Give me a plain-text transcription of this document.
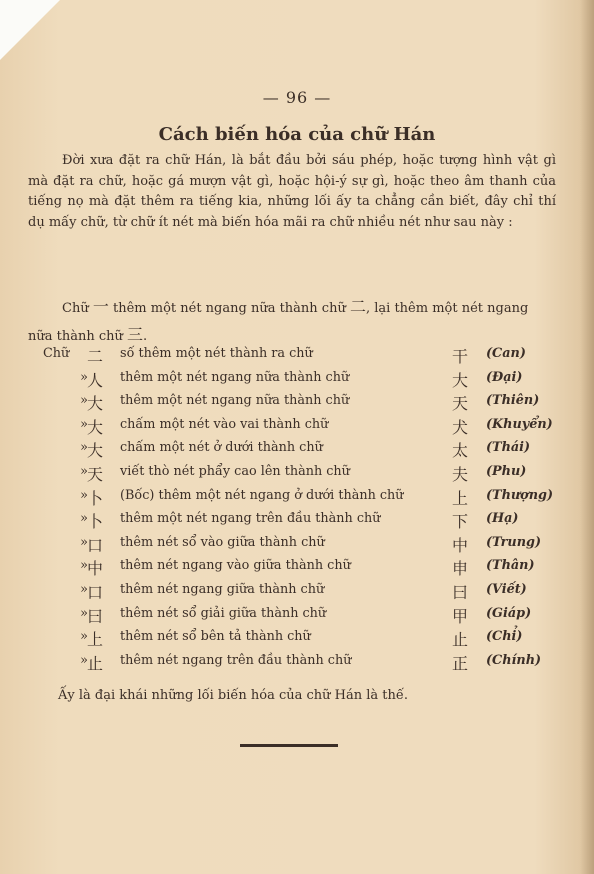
— 96 —
Cách biến hóa của chữ Hán
Đời xưa đặt ra chữ Hán, là bắt đầu bởi sáu phép, hoặc tượng hình vật gì mà đặt ra chữ, hoặc gá mượn vật gì, hoặc hội-ý sự gì, hoặc theo âm thanh của tiếng nọ mà đặt thêm ra tiếng kia, những lối ấy ta chẳng cần biết, đây chỉ thí dụ mấy chữ, từ chữ ít nét mà biến hóa mãi ra chữ nhiều nét như sau này :
Chữ 一 thêm một nét ngang nữa thành chữ 二, lại thêm một nét ngang nữa thành chữ 三.
Chữ	二	số thêm một nét thành ra chữ	干 (Can)
»
人	thêm một nét ngang nữa thành chữ	大 (Đại)
»
大	thêm một nét ngang nữa thành chữ	天 (Thiên)
»
大	chấm một nét vào vai thành chữ	犬 (Khuyển)
»
大	chấm một nét ở dưới thành chữ	太 (Thái)
»
天	viết thò nét phẩy cao lên thành chữ	夫 (Phu)
»
卜	(Bốc) thêm một nét ngang ở dưới thành chữ	上 (Thượng)
»
卜	thêm một nét ngang trên đầu thành chữ	下 (Hạ)
»
口	thêm nét sổ vào giữa thành chữ	中 (Trung)
»
中	thêm nét ngang vào giữa thành chữ	申 (Thân)
»
口	thêm nét ngang giữa thành chữ	曰 (Viết)
»
曰	thêm nét sổ giải giữa thành chữ	甲 (Giáp)
»
上	thêm nét sổ bên tả thành chữ	止 (Chỉ)
»
止	thêm nét ngang trên đầu thành chữ	正 (Chính)
Ấy là đại khái những lối biến hóa của chữ Hán là thế.
